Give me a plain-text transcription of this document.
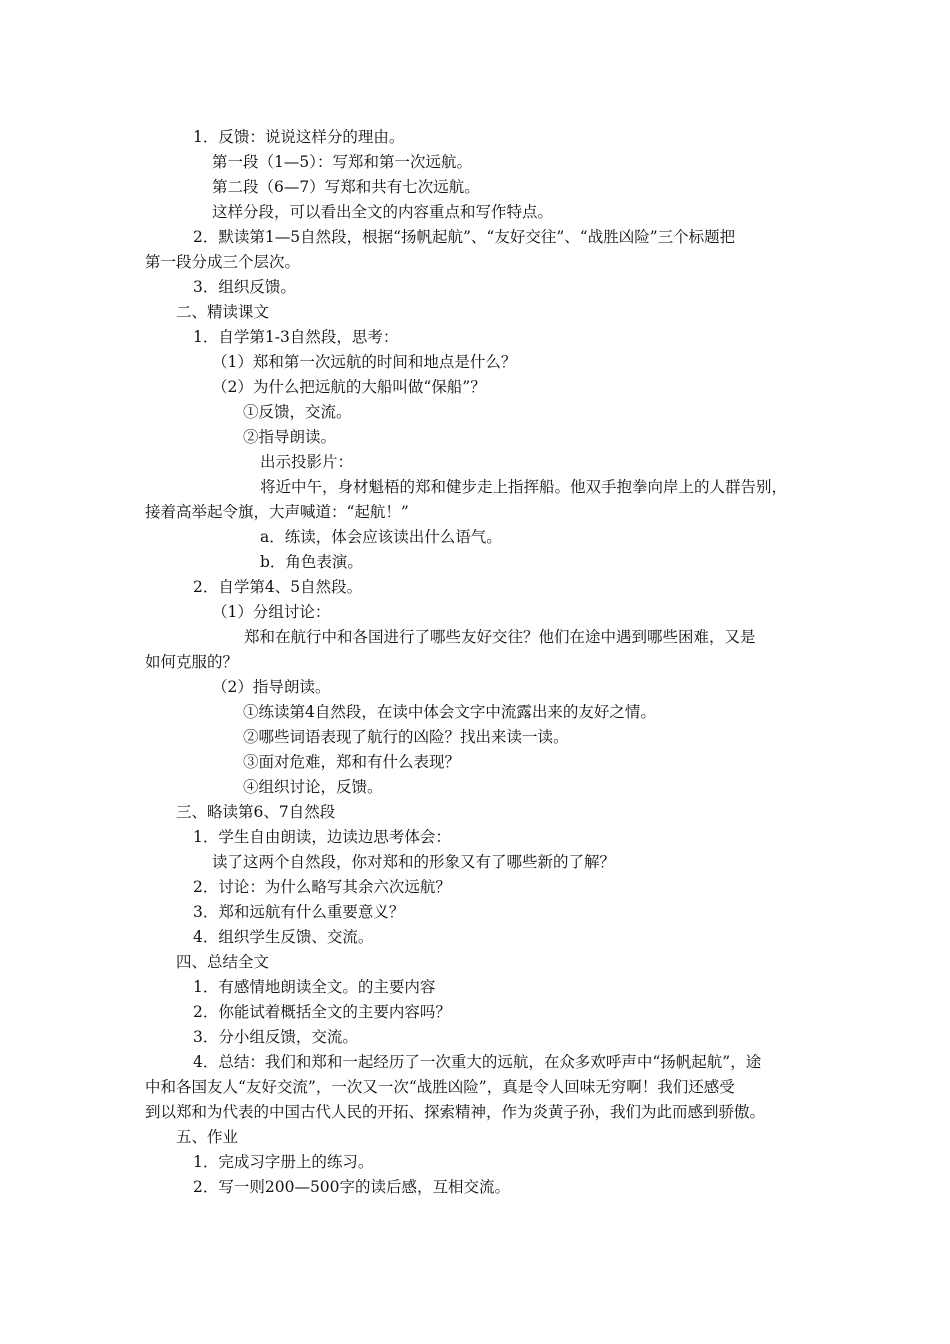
1．反馈：说说这样分的理由。
第一段（1—5）：写郑和第一次远航。
第二段（6—7）写郑和共有七次远航。
这样分段，可以看出全文的内容重点和写作特点。
2．默读第1—5自然段，根据“扬帆起航”、“友好交往”、“战胜凶险”三个标题把
第一段分成三个层次。
3．组织反馈。
二、精读课文
1．自学第1-3自然段，思考：
（1）郑和第一次远航的时间和地点是什么？
（2）为什么把远航的大船叫做“保船”？
①反馈，交流。
②指导朗读。
出示投影片：
将近中午，身材魁梧的郑和健步走上指挥船。他双手抱拳向岸上的人群告别，
接着高举起令旗，大声喊道：“起航！”
a．练读，体会应该读出什么语气。
b．角色表演。
2．自学第4、5自然段。
（1）分组讨论：
郑和在航行中和各国进行了哪些友好交往？他们在途中遇到哪些困难，又是
如何克服的？
（2）指导朗读。
①练读第4自然段，在读中体会文字中流露出来的友好之情。
②哪些词语表现了航行的凶险？找出来读一读。
③面对危难，郑和有什么表现？
④组织讨论，反馈。
三、略读第6、7自然段
1．学生自由朗读，边读边思考体会：
读了这两个自然段，你对郑和的形象又有了哪些新的了解？
2．讨论：为什么略写其余六次远航？
3．郑和远航有什么重要意义？
4．组织学生反馈、交流。
四、总结全文
1．有感情地朗读全文。的主要内容
2．你能试着概括全文的主要内容吗？
3．分小组反馈，交流。
4．总结：我们和郑和一起经历了一次重大的远航，在众多欢呼声中“扬帆起航”，途
中和各国友人“友好交流”，一次又一次“战胜凶险”，真是令人回味无穷啊！我们还感受
到以郑和为代表的中国古代人民的开拓、探索精神，作为炎黄子孙，我们为此而感到骄傲。
五、作业
1．完成习字册上的练习。
2．写一则200—500字的读后感，互相交流。
